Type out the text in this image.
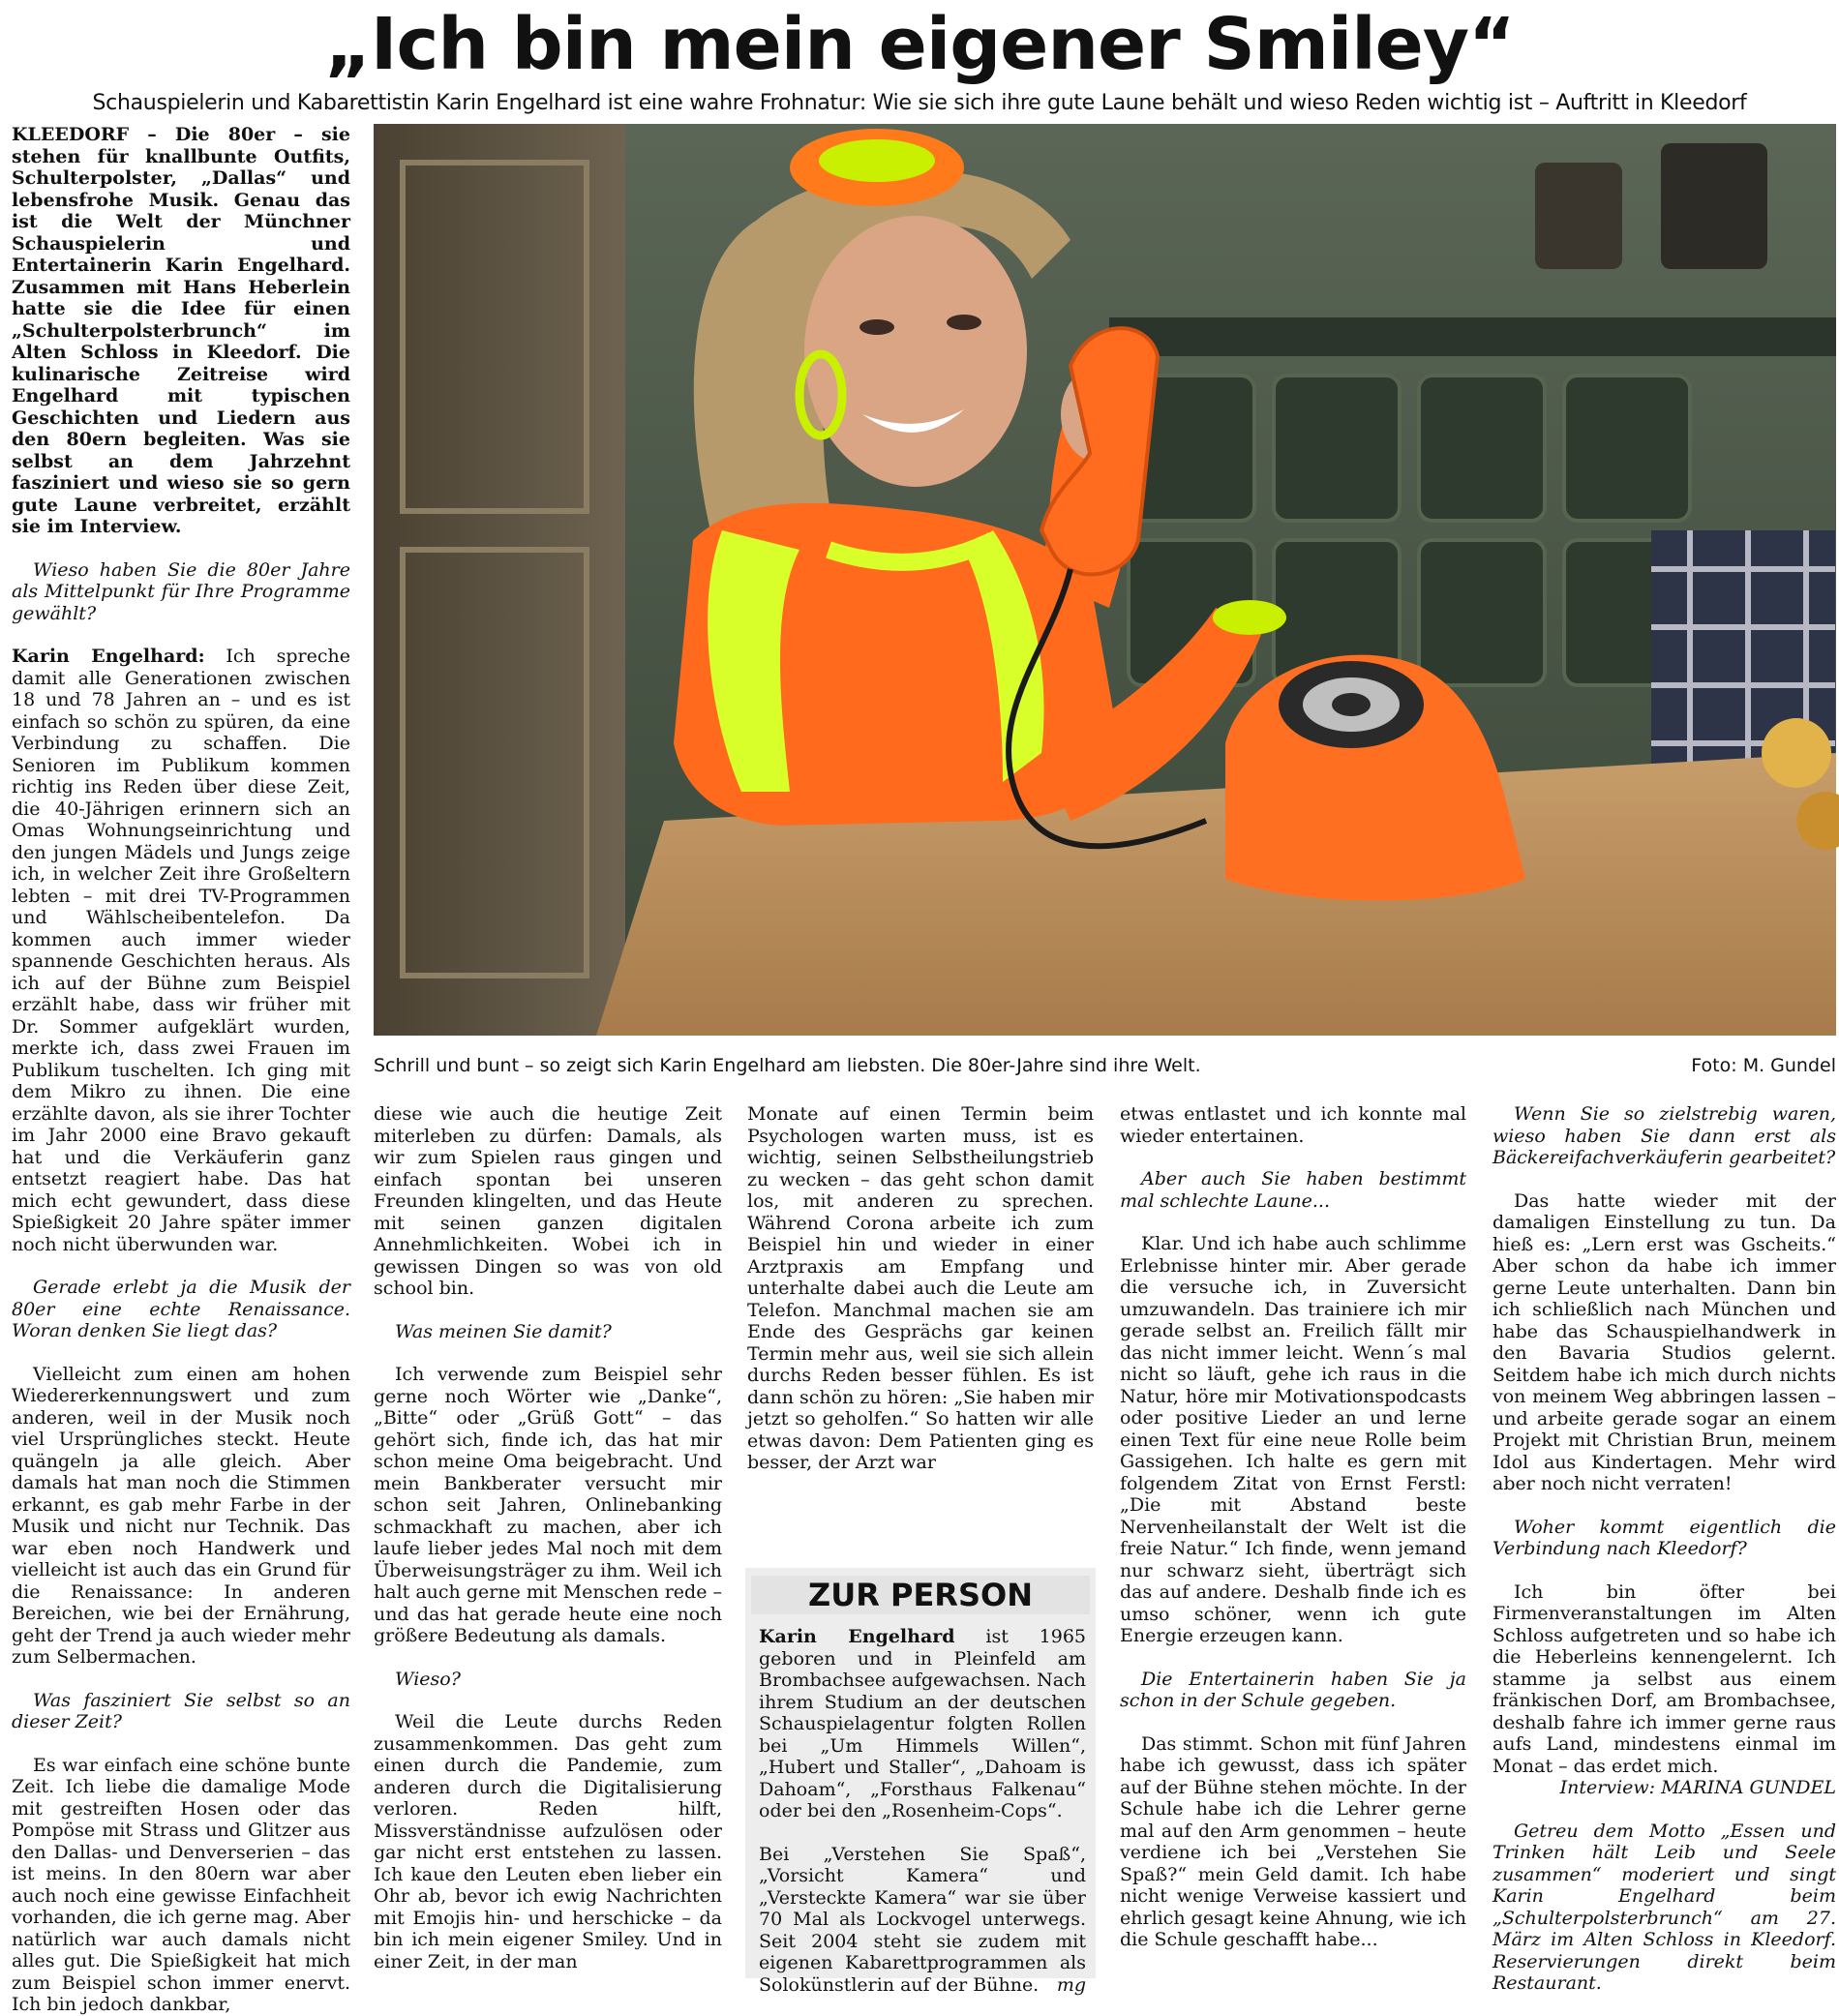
„Ich bin mein eigener Smiley“
Schauspielerin und Kabarettistin Karin Engelhard ist eine wahre Frohnatur: Wie sie sich ihre gute Laune behält und wieso Reden wichtig ist – Auftritt in Kleedorf

KLEEDORF – Die 80er – sie stehen für knallbunte Outfits, Schulterpolster, „Dallas“ und lebensfrohe Musik. Genau das ist die Welt der Münchner Schauspielerin und Entertainerin Karin Engelhard. Zusammen mit Hans Heberlein hatte sie die Idee für einen „Schulterpolsterbrunch“ im Alten Schloss in Kleedorf. Die kulinarische Zeitreise wird Engelhard mit typischen Geschichten und Liedern aus den 80ern begleiten. Was sie selbst an dem Jahrzehnt fasziniert und wieso sie so gern gute Laune verbreitet, erzählt sie im Interview.

Wieso haben Sie die 80er Jahre als Mittelpunkt für Ihre Programme gewählt?

Karin Engelhard: Ich spreche damit alle Generationen zwischen 18 und 78 Jahren an – und es ist einfach so schön zu spüren, da eine Verbindung zu schaffen. Die Senioren im Publikum kommen richtig ins Reden über diese Zeit, die 40-Jährigen erinnern sich an Omas Wohnungseinrichtung und den jungen Mädels und Jungs zeige ich, in welcher Zeit ihre Großeltern lebten – mit drei TV-Programmen und Wählscheibentelefon. Da kommen auch immer wieder spannende Geschichten heraus. Als ich auf der Bühne zum Beispiel erzählt habe, dass wir früher mit Dr. Sommer aufgeklärt wurden, merkte ich, dass zwei Frauen im Publikum tuschelten. Ich ging mit dem Mikro zu ihnen. Die eine erzählte davon, als sie ihrer Tochter im Jahr 2000 eine Bravo gekauft hat und die Verkäuferin ganz entsetzt reagiert habe. Das hat mich echt gewundert, dass diese Spießigkeit 20 Jahre später immer noch nicht überwunden war.

Gerade erlebt ja die Musik der 80er eine echte Renaissance. Woran denken Sie liegt das?

Vielleicht zum einen am hohen Wiedererkennungswert und zum anderen, weil in der Musik noch viel Ursprüngliches steckt. Heute quängeln ja alle gleich. Aber damals hat man noch die Stimmen erkannt, es gab mehr Farbe in der Musik und nicht nur Technik. Das war eben noch Handwerk und vielleicht ist auch das ein Grund für die Renaissance: In anderen Bereichen, wie bei der Ernährung, geht der Trend ja auch wieder mehr zum Selbermachen.

Was fasziniert Sie selbst so an dieser Zeit?

Es war einfach eine schöne bunte Zeit. Ich liebe die damalige Mode mit gestreiften Hosen oder das Pompöse mit Strass und Glitzer aus den Dallas- und Denverserien – das ist meins. In den 80ern war aber auch noch eine gewisse Einfachheit vorhanden, die ich gerne mag. Aber natürlich war auch damals nicht alles gut. Die Spießigkeit hat mich zum Beispiel schon immer enervt. Ich bin jedoch dankbar,

Schrill und bunt – so zeigt sich Karin Engelhard am liebsten. Die 80er-Jahre sind ihre Welt.	Foto: M. Gundel

diese wie auch die heutige Zeit miterleben zu dürfen: Damals, als wir zum Spielen raus gingen und einfach spontan bei unseren Freunden klingelten, und das Heute mit seinen ganzen digitalen Annehmlichkeiten. Wobei ich in gewissen Dingen so was von old school bin.

Was meinen Sie damit?

Ich verwende zum Beispiel sehr gerne noch Wörter wie „Danke“, „Bitte“ oder „Grüß Gott“ – das gehört sich, finde ich, das hat mir schon meine Oma beigebracht. Und mein Bankberater versucht mir schon seit Jahren, Onlinebanking schmackhaft zu machen, aber ich laufe lieber jedes Mal noch mit dem Überweisungsträger zu ihm. Weil ich halt auch gerne mit Menschen rede – und das hat gerade heute eine noch größere Bedeutung als damals.

Wieso?

Weil die Leute durchs Reden zusammenkommen. Das geht zum einen durch die Pandemie, zum anderen durch die Digitalisierung verloren. Reden hilft, Missverständnisse aufzulösen oder gar nicht erst entstehen zu lassen. Ich kaue den Leuten eben lieber ein Ohr ab, bevor ich ewig Nachrichten mit Emojis hin- und herschicke – da bin ich mein eigener Smiley. Und in einer Zeit, in der man

Monate auf einen Termin beim Psychologen warten muss, ist es wichtig, seinen Selbstheilungstrieb zu wecken – das geht schon damit los, mit anderen zu sprechen. Während Corona arbeite ich zum Beispiel hin und wieder in einer Arztpraxis am Empfang und unterhalte dabei auch die Leute am Telefon. Manchmal machen sie am Ende des Gesprächs gar keinen Termin mehr aus, weil sie sich allein durchs Reden besser fühlen. Es ist dann schön zu hören: „Sie haben mir jetzt so geholfen.“ So hatten wir alle etwas davon: Dem Patienten ging es besser, der Arzt war

ZUR PERSON

Karin Engelhard ist 1965 geboren und in Pleinfeld am Brombachsee aufgewachsen. Nach ihrem Studium an der deutschen Schauspielagentur folgten Rollen bei „Um Himmels Willen“, „Hubert und Staller“, „Dahoam is Dahoam“, „Forsthaus Falkenau“ oder bei den „Rosenheim-Cops“.

Bei „Verstehen Sie Spaß“, „Vorsicht Kamera“ und „Versteckte Kamera“ war sie über 70 Mal als Lockvogel unterwegs. Seit 2004 steht sie zudem mit eigenen Kabarettprogrammen als Solokünstlerin auf der Bühne. mg

etwas entlastet und ich konnte mal wieder entertainen.

Aber auch Sie haben bestimmt mal schlechte Laune...

Klar. Und ich habe auch schlimme Erlebnisse hinter mir. Aber gerade die versuche ich, in Zuversicht umzuwandeln. Das trainiere ich mir gerade selbst an. Freilich fällt mir das nicht immer leicht. Wenn´s mal nicht so läuft, gehe ich raus in die Natur, höre mir Motivationspodcasts oder positive Lieder an und lerne einen Text für eine neue Rolle beim Gassigehen. Ich halte es gern mit folgendem Zitat von Ernst Ferstl: „Die mit Abstand beste Nervenheilanstalt der Welt ist die freie Natur.“ Ich finde, wenn jemand nur schwarz sieht, überträgt sich das auf andere. Deshalb finde ich es umso schöner, wenn ich gute Energie erzeugen kann.

Die Entertainerin haben Sie ja schon in der Schule gegeben.

Das stimmt. Schon mit fünf Jahren habe ich gewusst, dass ich später auf der Bühne stehen möchte. In der Schule habe ich die Lehrer gerne mal auf den Arm genommen – heute verdiene ich bei „Verstehen Sie Spaß?“ mein Geld damit. Ich habe nicht wenige Verweise kassiert und ehrlich gesagt keine Ahnung, wie ich die Schule geschafft habe...

Wenn Sie so zielstrebig waren, wieso haben Sie dann erst als Bäckereifachverkäuferin gearbeitet?

Das hatte wieder mit der damaligen Einstellung zu tun. Da hieß es: „Lern erst was Gscheits.“ Aber schon da habe ich immer gerne Leute unterhalten. Dann bin ich schließlich nach München und habe das Schauspielhandwerk in den Bavaria Studios gelernt. Seitdem habe ich mich durch nichts von meinem Weg abbringen lassen – und arbeite gerade sogar an einem Projekt mit Christian Brun, meinem Idol aus Kindertagen. Mehr wird aber noch nicht verraten!

Woher kommt eigentlich die Verbindung nach Kleedorf?

Ich bin öfter bei Firmenveranstaltungen im Alten Schloss aufgetreten und so habe ich die Heberleins kennengelernt. Ich stamme ja selbst aus einem fränkischen Dorf, am Brombachsee, deshalb fahre ich immer gerne raus aufs Land, mindestens einmal im Monat – das erdet mich.

Interview: MARINA GUNDEL

Getreu dem Motto „Essen und Trinken hält Leib und Seele zusammen“ moderiert und singt Karin Engelhard beim „Schulterpolsterbrunch“ am 27. März im Alten Schloss in Kleedorf. Reservierungen direkt beim Restaurant.
